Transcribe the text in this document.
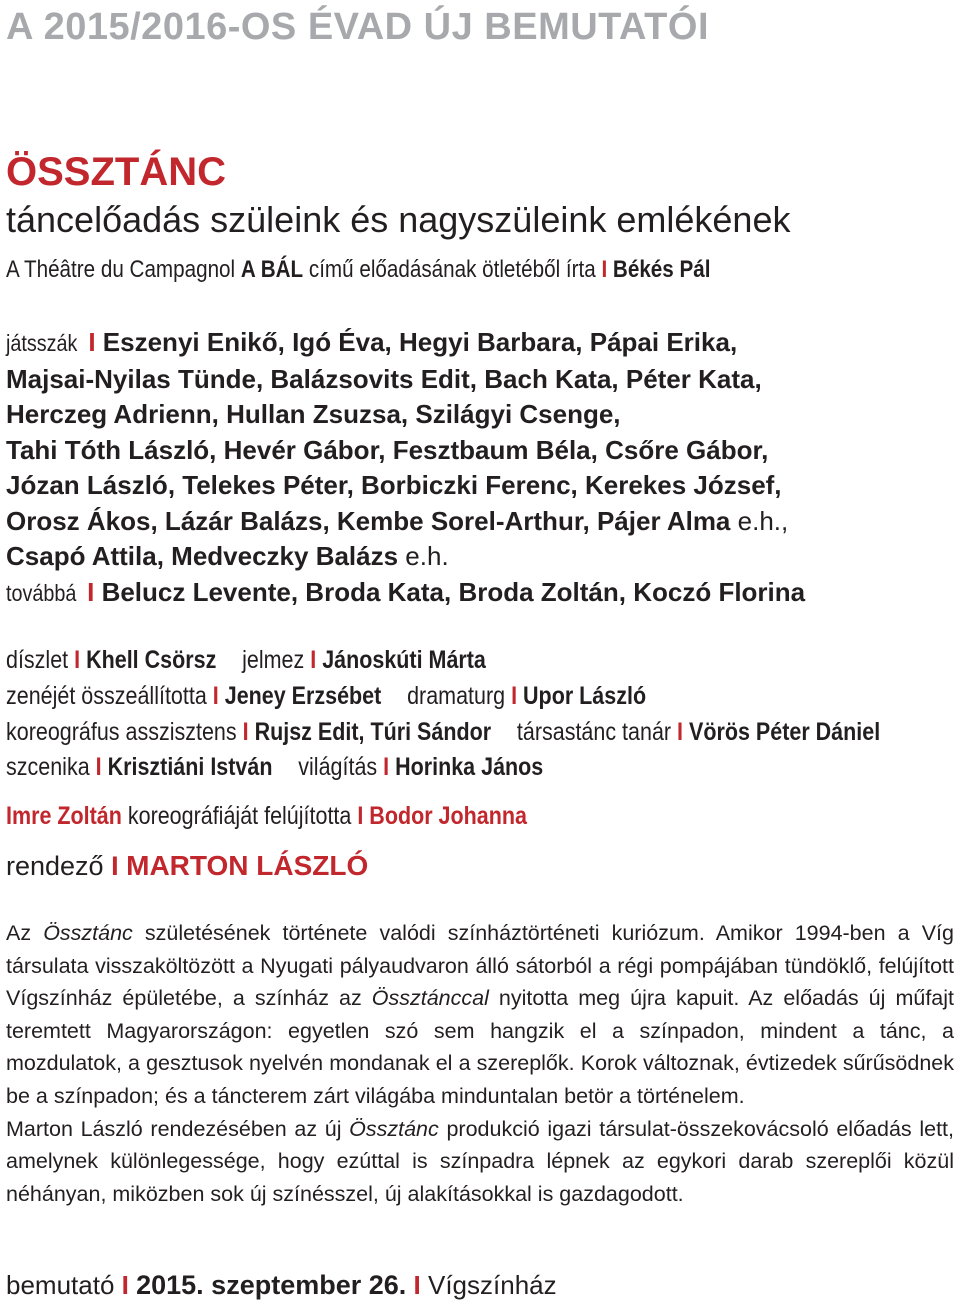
A 2015/2016-OS ÉVAD ÚJ BEMUTATÓI
ÖSSZTÁNC
táncelőadás szüleink és nagyszüleink emlékének
A Théâtre du Campagnol A BÁL című előadásának ötletéből írta I Békés Pál
játsszák I Eszenyi Enikő, Igó Éva, Hegyi Barbara, Pápai Erika,
Majsai-Nyilas Tünde, Balázsovits Edit, Bach Kata, Péter Kata,
Herczeg Adrienn, Hullan Zsuzsa, Szilágyi Csenge,
Tahi Tóth László, Hevér Gábor, Fesztbaum Béla, Csőre Gábor,
Józan László, Telekes Péter, Borbiczki Ferenc, Kerekes József,
Orosz Ákos, Lázár Balázs, Kembe Sorel-Arthur, Pájer Alma e.h.,
Csapó Attila, Medveczky Balázs e.h.
továbbá I Belucz Levente, Broda Kata, Broda Zoltán, Koczó Florina
díszlet I Khell Csörsz jelmez I Jánoskúti Márta
zenéjét összeállította I Jeney Erzsébet dramaturg I Upor László
koreográfus asszisztens I Rujsz Edit, Túri Sándor társastánc tanár I Vörös Péter Dániel
szcenika I Krisztiáni István világítás I Horinka János
Imre Zoltán koreográfiáját felújította I Bodor Johanna
rendező I MARTON LÁSZLÓ

Az Össztánc születésének története valódi színháztörténeti kuriózum. Amikor 1994-ben a Víg társulata visszaköltözött a Nyugati pályaudvaron álló sátorból a régi pompájában tündöklő, felújított Vígszínház épületébe, a színház az Össztánccal nyitotta meg újra kapuit. Az előadás új műfajt teremtett Magyarországon: egyetlen szó sem hangzik el a színpadon, mindent a tánc, a mozdulatok, a gesztusok nyelvén mondanak el a szereplők. Korok változnak, évtizedek sűrűsödnek be a színpadon; és a táncterem zárt világába minduntalan betör a történelem.

Marton László rendezésében az új Össztánc produkció igazi társulat-összekovácsoló előadás lett, amelynek különlegessége, hogy ezúttal is színpadra lépnek az egykori darab szereplői közül néhányan, miközben sok új színésszel, új alakításokkal is gazdagodott.

bemutató I 2015. szeptember 26. I Vígszínház
